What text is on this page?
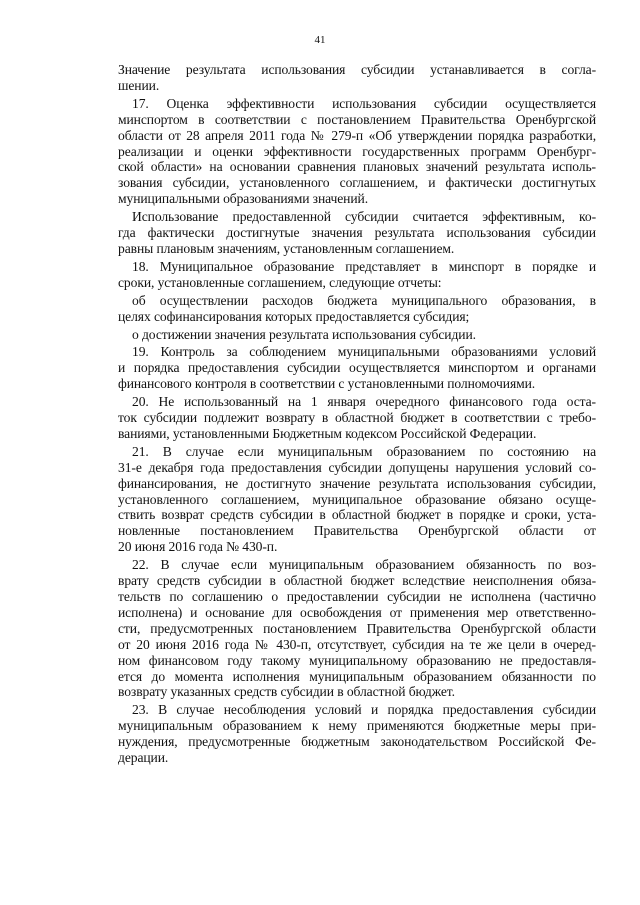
41
Значение результата использования субсидии устанавливается в согла-
шении.
17. Оценка эффективности использования субсидии осуществляется
минспортом в соответствии с постановлением Правительства Оренбургской
области от 28 апреля 2011 года № 279-п «Об утверждении порядка разработки,
реализации и оценки эффективности государственных программ Оренбург-
ской области» на основании сравнения плановых значений результата исполь-
зования субсидии, установленного соглашением, и фактически достигнутых
муниципальными образованиями значений.
Использование предоставленной субсидии считается эффективным, ко-
гда фактически достигнутые значения результата использования субсидии
равны плановым значениям, установленным соглашением.
18. Муниципальное образование представляет в минспорт в порядке и
сроки, установленные соглашением, следующие отчеты:
об осуществлении расходов бюджета муниципального образования, в
целях софинансирования которых предоставляется субсидия;
о достижении значения результата использования субсидии.
19. Контроль за соблюдением муниципальными образованиями условий
и порядка предоставления субсидии осуществляется минспортом и органами
финансового контроля в соответствии с установленными полномочиями.
20. Не использованный на 1 января очередного финансового года оста-
ток субсидии подлежит возврату в областной бюджет в соответствии с требо-
ваниями, установленными Бюджетным кодексом Российской Федерации.
21. В случае если муниципальным образованием по состоянию на
31-е декабря года предоставления субсидии допущены нарушения условий со-
финансирования, не достигнуто значение результата использования субсидии,
установленного соглашением, муниципальное образование обязано осуще-
ствить возврат средств субсидии в областной бюджет в порядке и сроки, уста-
новленные постановлением Правительства Оренбургской области от
20 июня 2016 года № 430-п.
22. В случае если муниципальным образованием обязанность по воз-
врату средств субсидии в областной бюджет вследствие неисполнения обяза-
тельств по соглашению о предоставлении субсидии не исполнена (частично
исполнена) и основание для освобождения от применения мер ответственно-
сти, предусмотренных постановлением Правительства Оренбургской области
от 20 июня 2016 года № 430-п, отсутствует, субсидия на те же цели в очеред-
ном финансовом году такому муниципальному образованию не предоставля-
ется до момента исполнения муниципальным образованием обязанности по
возврату указанных средств субсидии в областной бюджет.
23. В случае несоблюдения условий и порядка предоставления субсидии
муниципальным образованием к нему применяются бюджетные меры при-
нуждения, предусмотренные бюджетным законодательством Российской Фе-
дерации.
